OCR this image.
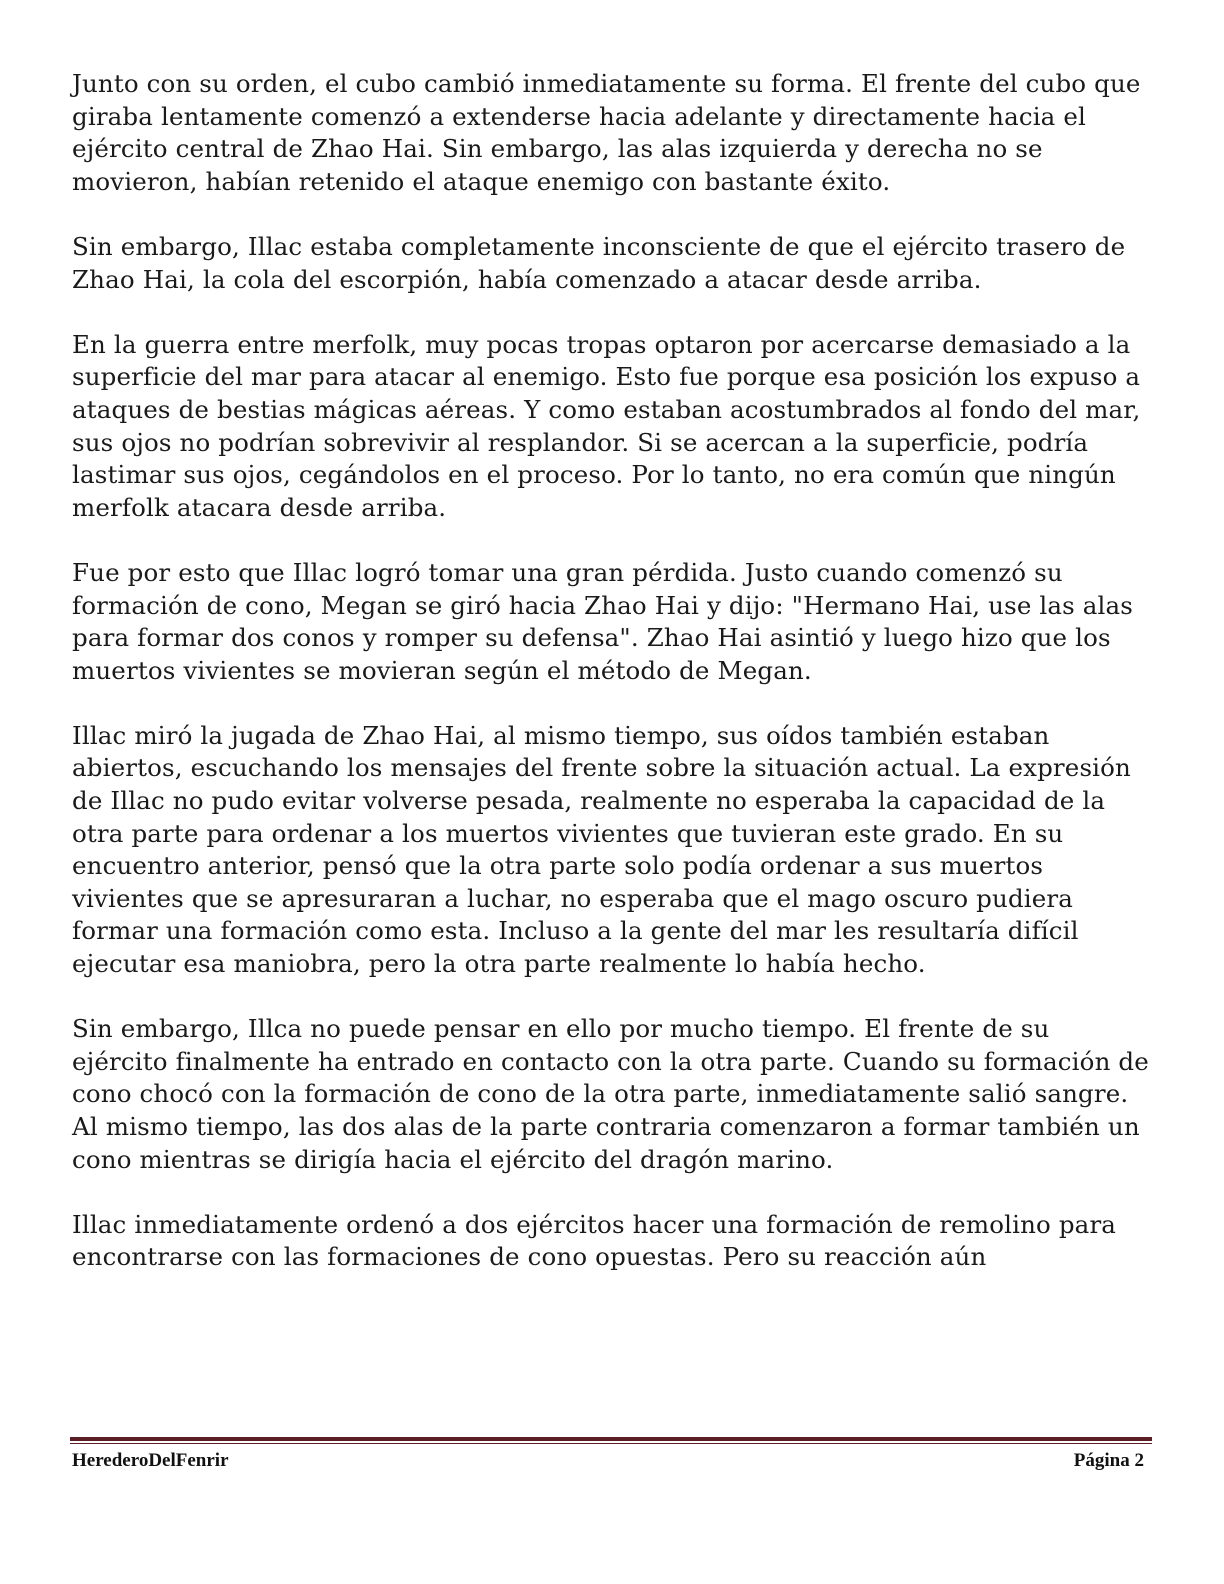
Junto con su orden, el cubo cambió inmediatamente su forma. El frente del cubo que giraba lentamente comenzó a extenderse hacia adelante y directamente hacia el ejército central de Zhao Hai. Sin embargo, las alas izquierda y derecha no se movieron, habían retenido el ataque enemigo con bastante éxito.

Sin embargo, Illac estaba completamente inconsciente de que el ejército trasero de Zhao Hai, la cola del escorpión, había comenzado a atacar desde arriba.

En la guerra entre merfolk, muy pocas tropas optaron por acercarse demasiado a la superficie del mar para atacar al enemigo. Esto fue porque esa posición los expuso a ataques de bestias mágicas aéreas. Y como estaban acostumbrados al fondo del mar, sus ojos no podrían sobrevivir al resplandor. Si se acercan a la superficie, podría lastimar sus ojos, cegándolos en el proceso. Por lo tanto, no era común que ningún merfolk atacara desde arriba.

Fue por esto que Illac logró tomar una gran pérdida. Justo cuando comenzó su formación de cono, Megan se giró hacia Zhao Hai y dijo: "Hermano Hai, use las alas para formar dos conos y romper su defensa". Zhao Hai asintió y luego hizo que los muertos vivientes se movieran según el método de Megan.

Illac miró la jugada de Zhao Hai, al mismo tiempo, sus oídos también estaban abiertos, escuchando los mensajes del frente sobre la situación actual. La expresión de Illac no pudo evitar volverse pesada, realmente no esperaba la capacidad de la otra parte para ordenar a los muertos vivientes que tuvieran este grado. En su encuentro anterior, pensó que la otra parte solo podía ordenar a sus muertos vivientes que se apresuraran a luchar, no esperaba que el mago oscuro pudiera formar una formación como esta. Incluso a la gente del mar les resultaría difícil ejecutar esa maniobra, pero la otra parte realmente lo había hecho.

Sin embargo, Illca no puede pensar en ello por mucho tiempo. El frente de su ejército finalmente ha entrado en contacto con la otra parte. Cuando su formación de cono chocó con la formación de cono de la otra parte, inmediatamente salió sangre. Al mismo tiempo, las dos alas de la parte contraria comenzaron a formar también un cono mientras se dirigía hacia el ejército del dragón marino.

Illac inmediatamente ordenó a dos ejércitos hacer una formación de remolino para encontrarse con las formaciones de cono opuestas. Pero su reacción aún

HerederoDelFenrir	Página 2
